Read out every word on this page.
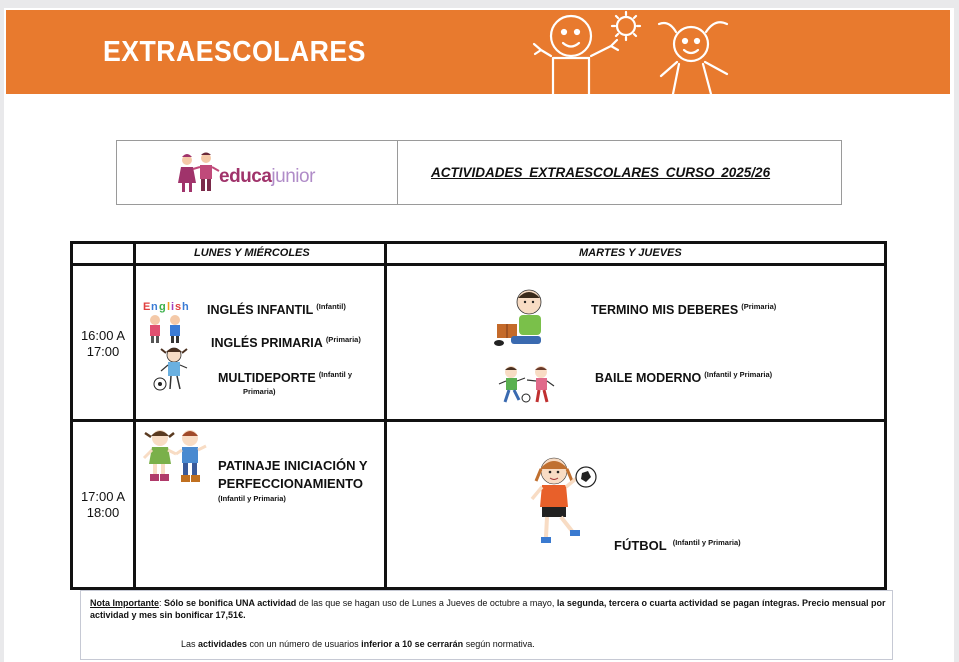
EXTRAESCOLARES
educajunior	ACTIVIDADES EXTRAESCOLARES CURSO 2025/26
LUNES Y MIÉRCOLES	MARTES Y JUEVES
16:00 A
17:00
17:00 A
18:00
E n g l i s h INGLÉS INFANTIL $^{(Infantil)}$
INGLÉS PRIMARIA $^{(Primaria)}$
MULTIDEPORTE $^{(Infantil y}$
Primaria)
TERMINO MIS DEBERES $^{(Primaria)}$
BAILE MODERNO $^{(Infantil y Primaria)}$
PATINAJE INICIACIÓN Y
PERFECCIONAMIENTO
(Infantil y Primaria)
FÚTBOL $^{(Infantil y Primaria)}$

Nota Importante: Sólo se bonifica UNA actividad de las que se hagan uso de Lunes a Jueves de octubre a mayo, la segunda, tercera o cuarta actividad se pagan íntegras. Precio mensual por actividad y mes sin bonificar 17,51€.

Las actividades con un número de usuarios inferior a 10 se cerrarán según normativa.
